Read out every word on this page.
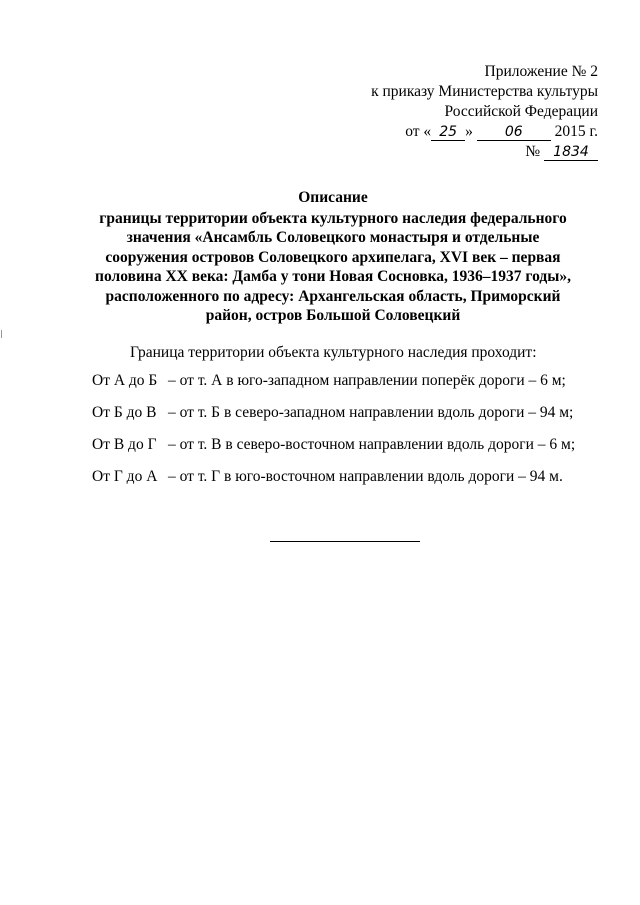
Приложение № 2
к приказу Министерства культуры
Российской Федерации
от « 25 » 06 2015 г.
№ 1834
Описание
границы территории объекта культурного наследия федерального значения «Ансамбль Соловецкого монастыря и отдельные сооружения островов Соловецкого архипелага, XVI век – первая половина XX века: Дамба у тони Новая Сосновка, 1936–1937 годы», расположенного по адресу: Архангельская область, Приморский район, остров Большой Соловецкий
Граница территории объекта культурного наследия проходит:
От А до Б – от т. А в юго-западном направлении поперёк дороги – 6 м;
От Б до В – от т. Б в северо-западном направлении вдоль дороги – 94 м;
От В до Г – от т. В в северо-восточном направлении вдоль дороги – 6 м;
От Г до А – от т. Г в юго-восточном направлении вдоль дороги – 94 м.
